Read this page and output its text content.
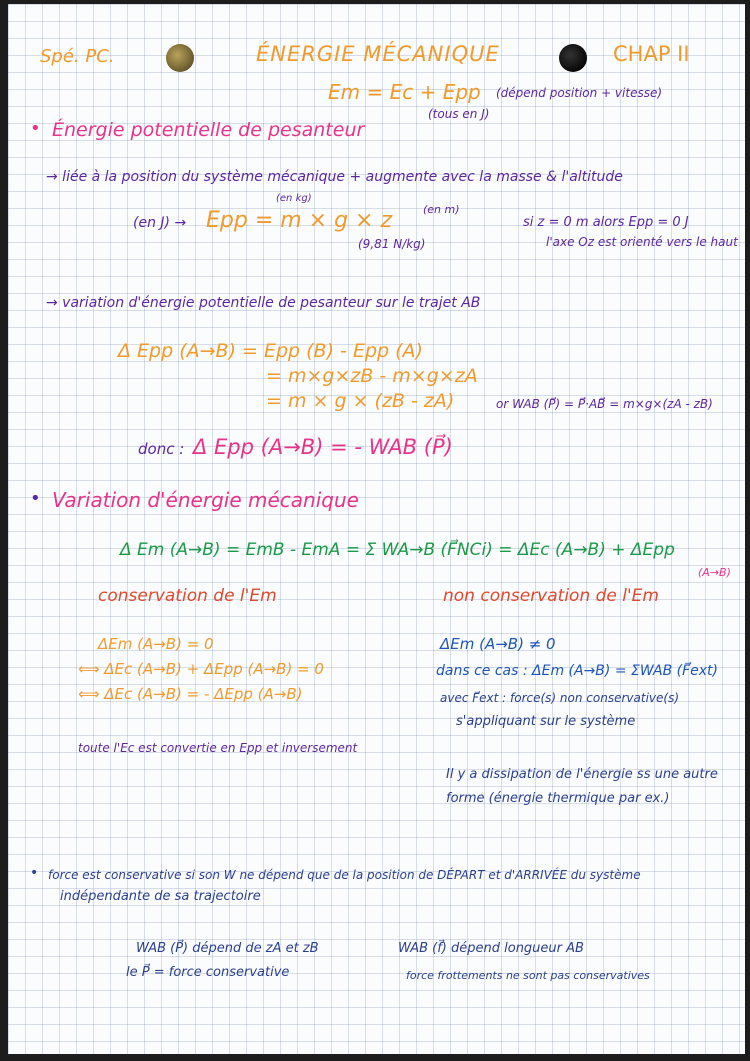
Spé. PC.	ÉNERGIE MÉCANIQUE	CHAP II
Em = Ec + Epp (dépend position + vitesse)
(tous en J)
• Énergie potentielle de pesanteur
→ liée à la position du système mécanique + augmente avec la masse & l'altitude
(en J) → Epp = m × g × z
(en kg)
(en m)
(9,81 N/kg)
si z = 0 m alors Epp = 0 J
l'axe Oz est orienté vers le haut
→ variation d'énergie potentielle de pesanteur sur le trajet AB
Δ Epp (A→B) = Epp (B) - Epp (A)
= m×g×zB - m×g×zA
= m × g × (zB - zA)	or WAB (P⃗) = P⃗·AB⃗ = m×g×(zA - zB)
donc : Δ Epp (A→B) = - WAB (P⃗)
• Variation d'énergie mécanique
Δ Em (A→B) = EmB - EmA = Σ WA→B (F⃗NCi) = ΔEc (A→B) + ΔEpp
(A→B)
conservation de l'Em	non conservation de l'Em
ΔEm (A→B) = 0
⟺ ΔEc (A→B) + ΔEpp (A→B) = 0
⟺ ΔEc (A→B) = - ΔEpp (A→B)
toute l'Ec est convertie en Epp et inversement
ΔEm (A→B) ≠ 0
dans ce cas : ΔEm (A→B) = ΣWAB (F⃗ext)
avec F⃗ext : force(s) non conservative(s)
s'appliquant sur le système
Il y a dissipation de l'énergie ss une autre
forme (énergie thermique par ex.)
• force est conservative si son W ne dépend que de la position de DÉPART et d'ARRIVÉE du système
indépendante de sa trajectoire
WAB (P⃗) dépend de zA et zB
le P⃗ = force conservative
WAB (f⃗) dépend longueur AB
force frottements ne sont pas conservatives
